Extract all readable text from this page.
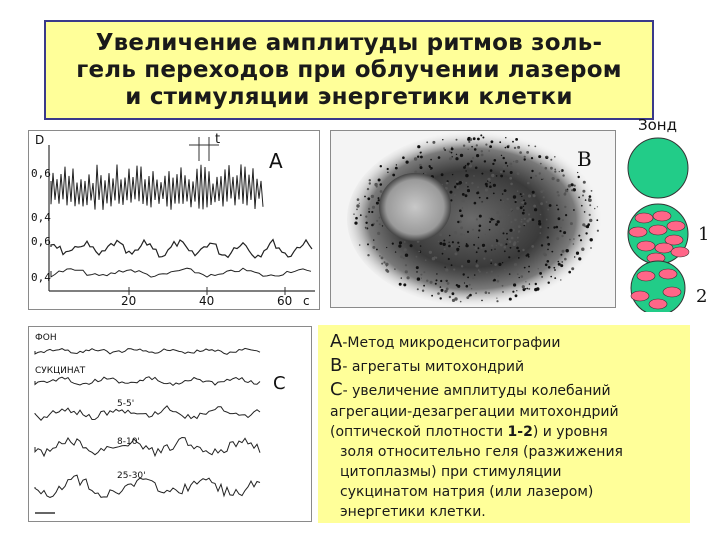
Увеличение амплитуды ритмов золь-
гель переходов при облучении лазером
и стимуляции энергетики клетки
D	t
0,6
0,4
0,6
0,4
20	40	60 c
A	B
Зонд
1
2
ФОН
СУКЦИНАТ
5-5'
8-10'
25-30'
C
A-Метод микроденситографии
B- агрегаты митохондрий
C- увеличение амплитуды колебаний
агрегации-дезагрегации митохондрий
(оптической плотности 1-2) и уровня
золя относительно геля (разжижения
цитоплазмы) при стимуляции
сукцинатом натрия (или лазером)
энергетики клетки.
